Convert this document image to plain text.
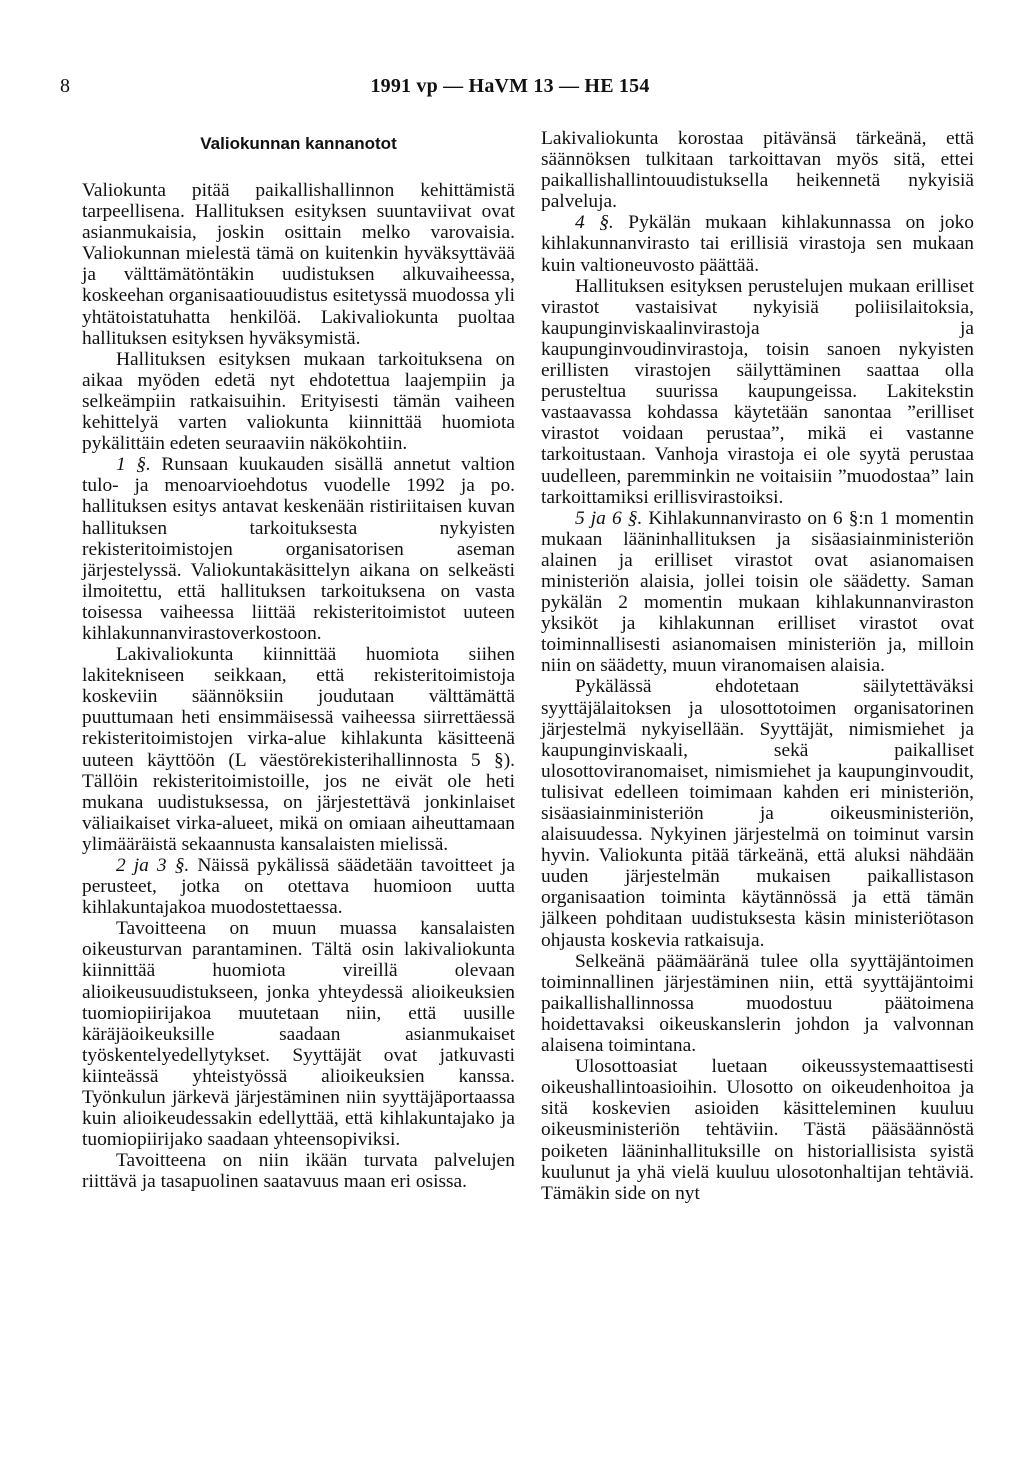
8	1991 vp — HaVM 13 — HE 154
Valiokunnan kannanotot

Valiokunta pitää paikallishallinnon kehittämistä tarpeellisena. Hallituksen esityksen suuntaviivat ovat asianmukaisia, joskin osittain melko varovaisia. Valiokunnan mielestä tämä on kuitenkin hyväksyttävää ja välttämätöntäkin uudistuksen alkuvaiheessa, koskeehan organisaatiouudistus esitetyssä muodossa yli yhtätoistatuhatta henkilöä. Lakivaliokunta puoltaa hallituksen esityksen hyväksymistä.

Hallituksen esityksen mukaan tarkoituksena on aikaa myöden edetä nyt ehdotettua laajempiin ja selkeämpiin ratkaisuihin. Erityisesti tämän vaiheen kehittelyä varten valiokunta kiinnittää huomiota pykälittäin edeten seuraaviin näkökohtiin.

1 §. Runsaan kuukauden sisällä annetut valtion tulo- ja menoarvioehdotus vuodelle 1992 ja po. hallituksen esitys antavat keskenään ristiriitaisen kuvan hallituksen tarkoituksesta nykyisten rekisteritoimistojen organisatorisen aseman järjestelyssä. Valiokuntakäsittelyn aikana on selkeästi ilmoitettu, että hallituksen tarkoituksena on vasta toisessa vaiheessa liittää rekisteritoimistot uuteen kihlakunnanvirastoverkostoon.

Lakivaliokunta kiinnittää huomiota siihen lakitekniseen seikkaan, että rekisteritoimistoja koskeviin säännöksiin joudutaan välttämättä puuttumaan heti ensimmäisessä vaiheessa siirrettäessä rekisteritoimistojen virka-alue kihlakunta käsitteenä uuteen käyttöön (L väestörekisterihallinnosta 5 §). Tällöin rekisteritoimistoille, jos ne eivät ole heti mukana uudistuksessa, on järjestettävä jonkinlaiset väliaikaiset virka-alueet, mikä on omiaan aiheuttamaan ylimääräistä sekaannusta kansalaisten mielissä.

2 ja 3 §. Näissä pykälissä säädetään tavoitteet ja perusteet, jotka on otettava huomioon uutta kihlakuntajakoa muodostettaessa.

Tavoitteena on muun muassa kansalaisten oikeusturvan parantaminen. Tältä osin lakivaliokunta kiinnittää huomiota vireillä olevaan alioikeusuudistukseen, jonka yhteydessä alioikeuksien tuomiopiirijakoa muutetaan niin, että uusille käräjäoikeuksille saadaan asianmukaiset työskentelyedellytykset. Syyttäjät ovat jatkuvasti kiinteässä yhteistyössä alioikeuksien kanssa. Työnkulun järkevä järjestäminen niin syyttäjäportaassa kuin alioikeudessakin edellyttää, että kihlakuntajako ja tuomiopiirijako saadaan yhteensopiviksi.

Tavoitteena on niin ikään turvata palvelujen riittävä ja tasapuolinen saatavuus maan eri osissa.

Lakivaliokunta korostaa pitävänsä tärkeänä, että säännöksen tulkitaan tarkoittavan myös sitä, ettei paikallishallintouudistuksella heikennetä nykyisiä palveluja.

4 §. Pykälän mukaan kihlakunnassa on joko kihlakunnanvirasto tai erillisiä virastoja sen mukaan kuin valtioneuvosto päättää.

Hallituksen esityksen perustelujen mukaan erilliset virastot vastaisivat nykyisiä poliisilaitoksia, kaupunginviskaalinvirastoja ja kaupunginvoudinvirastoja, toisin sanoen nykyisten erillisten virastojen säilyttäminen saattaa olla perusteltua suurissa kaupungeissa. Lakitekstin vastaavassa kohdassa käytetään sanontaa ”erilliset virastot voidaan perustaa”, mikä ei vastanne tarkoitustaan. Vanhoja virastoja ei ole syytä perustaa uudelleen, paremminkin ne voitaisiin ”muodostaa” lain tarkoittamiksi erillisvirastoiksi.

5 ja 6 §. Kihlakunnanvirasto on 6 §:n 1 momentin mukaan lääninhallituksen ja sisäasiainministeriön alainen ja erilliset virastot ovat asianomaisen ministeriön alaisia, jollei toisin ole säädetty. Saman pykälän 2 momentin mukaan kihlakunnanviraston yksiköt ja kihlakunnan erilliset virastot ovat toiminnallisesti asianomaisen ministeriön ja, milloin niin on säädetty, muun viranomaisen alaisia.

Pykälässä ehdotetaan säilytettäväksi syyttäjälaitoksen ja ulosottotoimen organisatorinen järjestelmä nykyisellään. Syyttäjät, nimismiehet ja kaupunginviskaali, sekä paikalliset ulosottoviranomaiset, nimismiehet ja kaupunginvoudit, tulisivat edelleen toimimaan kahden eri ministeriön, sisäasiainministeriön ja oikeusministeriön, alaisuudessa. Nykyinen järjestelmä on toiminut varsin hyvin. Valiokunta pitää tärkeänä, että aluksi nähdään uuden järjestelmän mukaisen paikallistason organisaation toiminta käytännössä ja että tämän jälkeen pohditaan uudistuksesta käsin ministeriötason ohjausta koskevia ratkaisuja.

Selkeänä päämääränä tulee olla syyttäjäntoimen toiminnallinen järjestäminen niin, että syyttäjäntoimi paikallishallinnossa muodostuu päätoimena hoidettavaksi oikeuskanslerin johdon ja valvonnan alaisena toimintana.

Ulosottoasiat luetaan oikeussystemaattisesti oikeushallintoasioihin. Ulosotto on oikeudenhoitoa ja sitä koskevien asioiden käsitteleminen kuuluu oikeusministeriön tehtäviin. Tästä pääsäännöstä poiketen lääninhallituksille on historiallisista syistä kuulunut ja yhä vielä kuuluu ulosotonhaltijan tehtäviä. Tämäkin side on nyt
